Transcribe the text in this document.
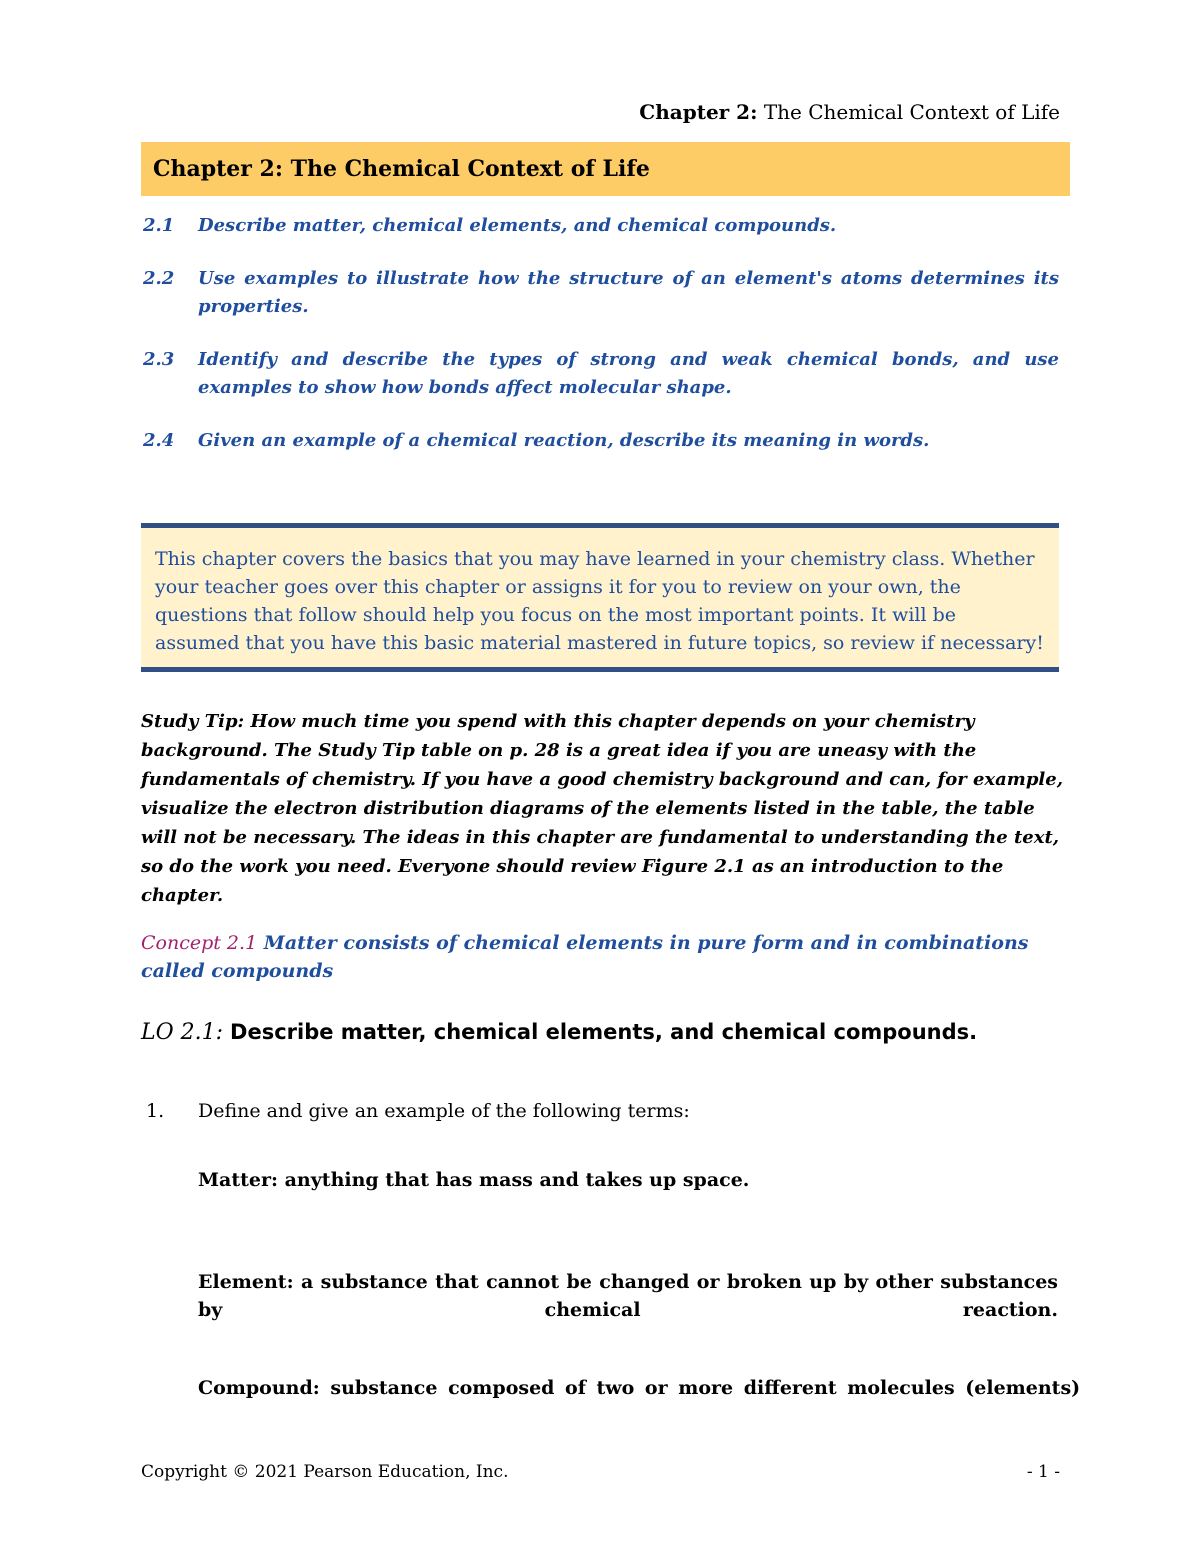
Chapter 2: The Chemical Context of Life
Chapter 2: The Chemical Context of Life
2.1 Describe matter, chemical elements, and chemical compounds.
2.2 Use examples to illustrate how the structure of an element's atoms determines its properties.
2.3 Identify and describe the types of strong and weak chemical bonds, and use examples to show how bonds affect molecular shape.
2.4 Given an example of a chemical reaction, describe its meaning in words.

This chapter covers the basics that you may have learned in your chemistry class. Whether your teacher goes over this chapter or assigns it for you to review on your own, the questions that follow should help you focus on the most important points. It will be assumed that you have this basic material mastered in future topics, so review if necessary!

Study Tip: How much time you spend with this chapter depends on your chemistry background. The Study Tip table on p. 28 is a great idea if you are uneasy with the fundamentals of chemistry. If you have a good chemistry background and can, for example, visualize the electron distribution diagrams of the elements listed in the table, the table will not be necessary. The ideas in this chapter are fundamental to understanding the text, so do the work you need. Everyone should review Figure 2.1 as an introduction to the chapter.

Concept 2.1 Matter consists of chemical elements in pure form and in combinations called compounds

LO 2.1: Describe matter, chemical elements, and chemical compounds.

1. Define and give an example of the following terms:

Matter: anything that has mass and takes up space.

Element: a substance that cannot be changed or broken up by other substances by chemical reaction.

Compound: substance composed of two or more different molecules (elements)

Copyright © 2021 Pearson Education, Inc.	- 1 -
